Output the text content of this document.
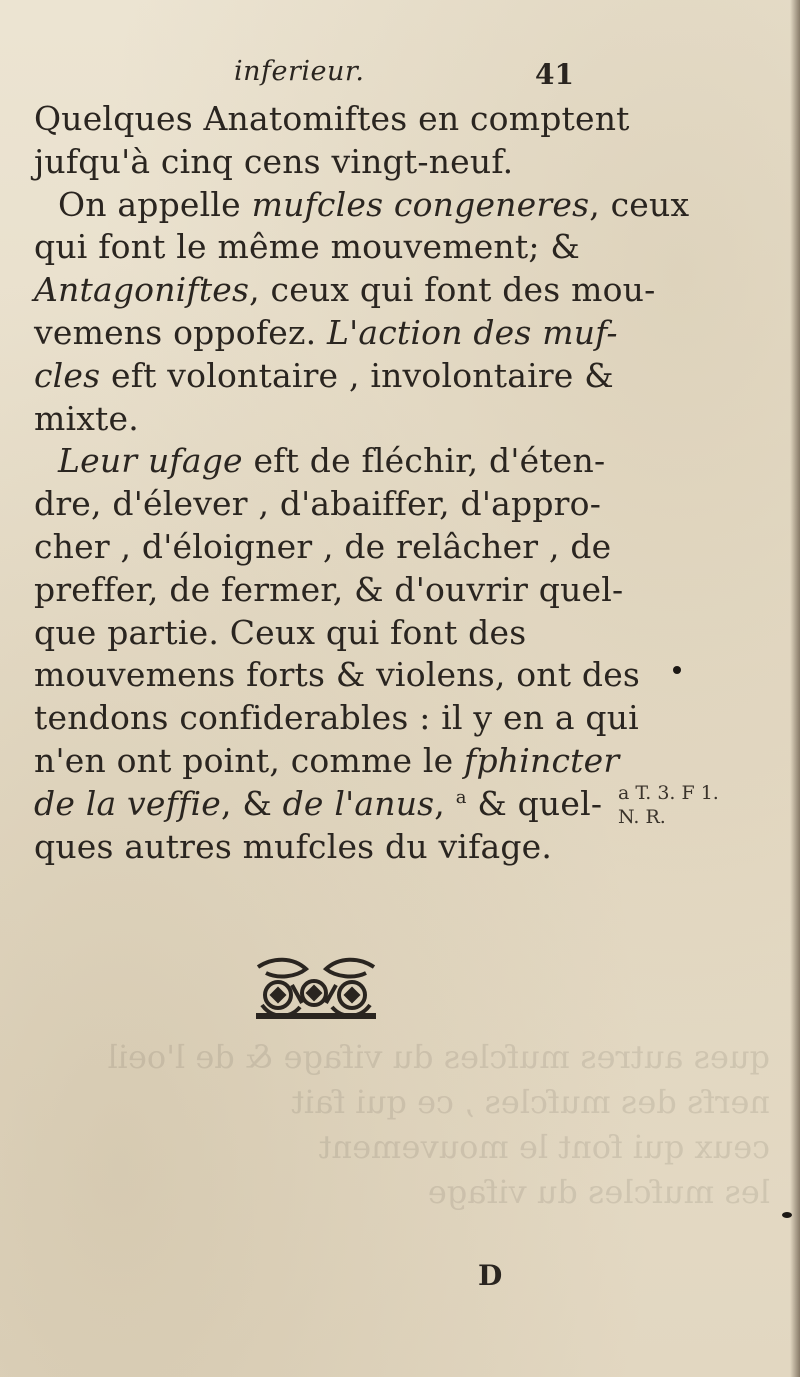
ques autres mufcles du vifage & de l'oeil
nerfs des mufcles , ce qui fait
ceux qui font le mouvement
les mufcles du vifage
inferieur.	41
Quelques Anatomiftes en comptent
jufqu'à cinq cens vingt-neuf.
On appelle mufcles congeneres, ceux
qui font le même mouvement; &
Antagoniftes, ceux qui font des mou-
vemens oppofez. L'action des muf-
cles eft volontaire , involontaire &
mixte.
Leur ufage eft de fléchir, d'éten-
dre, d'élever , d'abaiffer, d'appro-
cher , d'éloigner , de relâcher , de
preffer, de fermer, & d'ouvrir quel-
que partie. Ceux qui font des
mouvemens forts & violens, ont des
tendons confiderables : il y en a qui
n'en ont point, comme le fphincter
de la veffie, & de l'anus, $^a$ & quel-
ques autres mufcles du vifage.
a T. 3. F 1.
N. R.
D
